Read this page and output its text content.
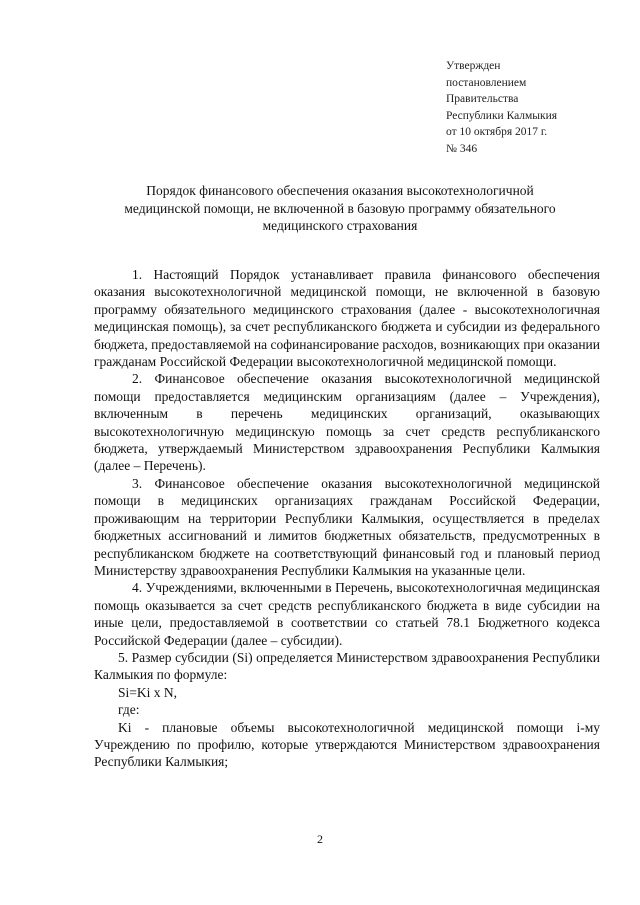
Утвержден
постановлением
Правительства
Республики Калмыкия
от 10 октября 2017 г.
№ 346
Порядок финансового обеспечения оказания высокотехнологичной
медицинской помощи, не включенной в базовую программу обязательного
медицинского страхования

1. Настоящий Порядок устанавливает правила финансового обеспечения оказания высокотехнологичной медицинской помощи, не включенной в базовую программу обязательного медицинского страхования (далее - высокотехнологичная медицинская помощь), за счет республиканского бюджета и субсидии из федерального бюджета, предоставляемой на софинансирование расходов, возникающих при оказании гражданам Российской Федерации высокотехнологичной медицинской помощи.

2. Финансовое обеспечение оказания высокотехнологичной медицинской помощи предоставляется медицинским организациям (далее – Учреждения), включенным в перечень медицинских организаций, оказывающих высокотехнологичную медицинскую помощь за счет средств республиканского бюджета, утверждаемый Министерством здравоохранения Республики Калмыкия (далее – Перечень).

3. Финансовое обеспечение оказания высокотехнологичной медицинской помощи в медицинских организациях гражданам Российской Федерации, проживающим на территории Республики Калмыкия, осуществляется в пределах бюджетных ассигнований и лимитов бюджетных обязательств, предусмотренных в республиканском бюджете на соответствующий финансовый год и плановый период Министерству здравоохранения Республики Калмыкия на указанные цели.

4. Учреждениями, включенными в Перечень, высокотехнологичная медицинская помощь оказывается за счет средств республиканского бюджета в виде субсидии на иные цели, предоставляемой в соответствии со статьей 78.1 Бюджетного кодекса Российской Федерации (далее – субсидии).

5. Размер субсидии (Si) определяется Министерством здравоохранения Республики Калмыкия по формуле:

Si=Ki x N,

где:

Ki - плановые объемы высокотехнологичной медицинской помощи i-му Учреждению по профилю, которые утверждаются Министерством здравоохранения Республики Калмыкия;

2
